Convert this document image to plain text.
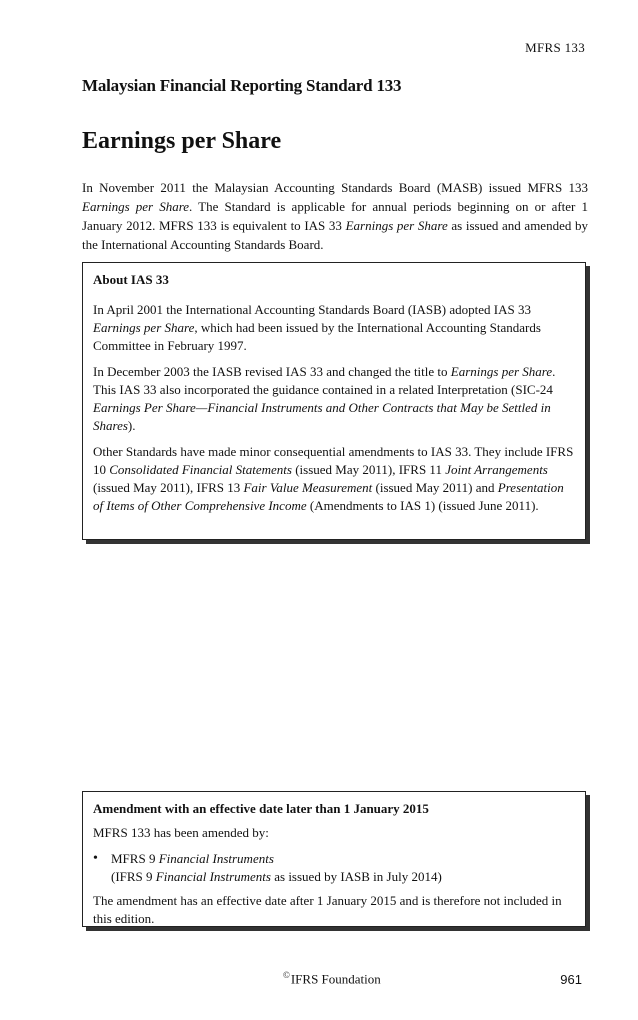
MFRS 133
Malaysian Financial Reporting Standard 133
Earnings per Share

In November 2011 the Malaysian Accounting Standards Board (MASB) issued MFRS 133 Earnings per Share. The Standard is applicable for annual periods beginning on or after 1 January 2012. MFRS 133 is equivalent to IAS 33 Earnings per Share as issued and amended by the International Accounting Standards Board.

About IAS 33

In April 2001 the International Accounting Standards Board (IASB) adopted IAS 33 Earnings per Share, which had been issued by the International Accounting Standards Committee in February 1997.

In December 2003 the IASB revised IAS 33 and changed the title to Earnings per Share. This IAS 33 also incorporated the guidance contained in a related Interpretation (SIC-24 Earnings Per Share—Financial Instruments and Other Contracts that May be Settled in Shares).

Other Standards have made minor consequential amendments to IAS 33. They include IFRS 10 Consolidated Financial Statements (issued May 2011), IFRS 11 Joint Arrangements (issued May 2011), IFRS 13 Fair Value Measurement (issued May 2011) and Presentation of Items of Other Comprehensive Income (Amendments to IAS 1) (issued June 2011).

Amendment with an effective date later than 1 January 2015

MFRS 133 has been amended by:

•	MFRS 9 Financial Instruments
(IFRS 9 Financial Instruments as issued by IASB in July 2014)

The amendment has an effective date after 1 January 2015 and is therefore not included in this edition.

©IFRS Foundation	961
